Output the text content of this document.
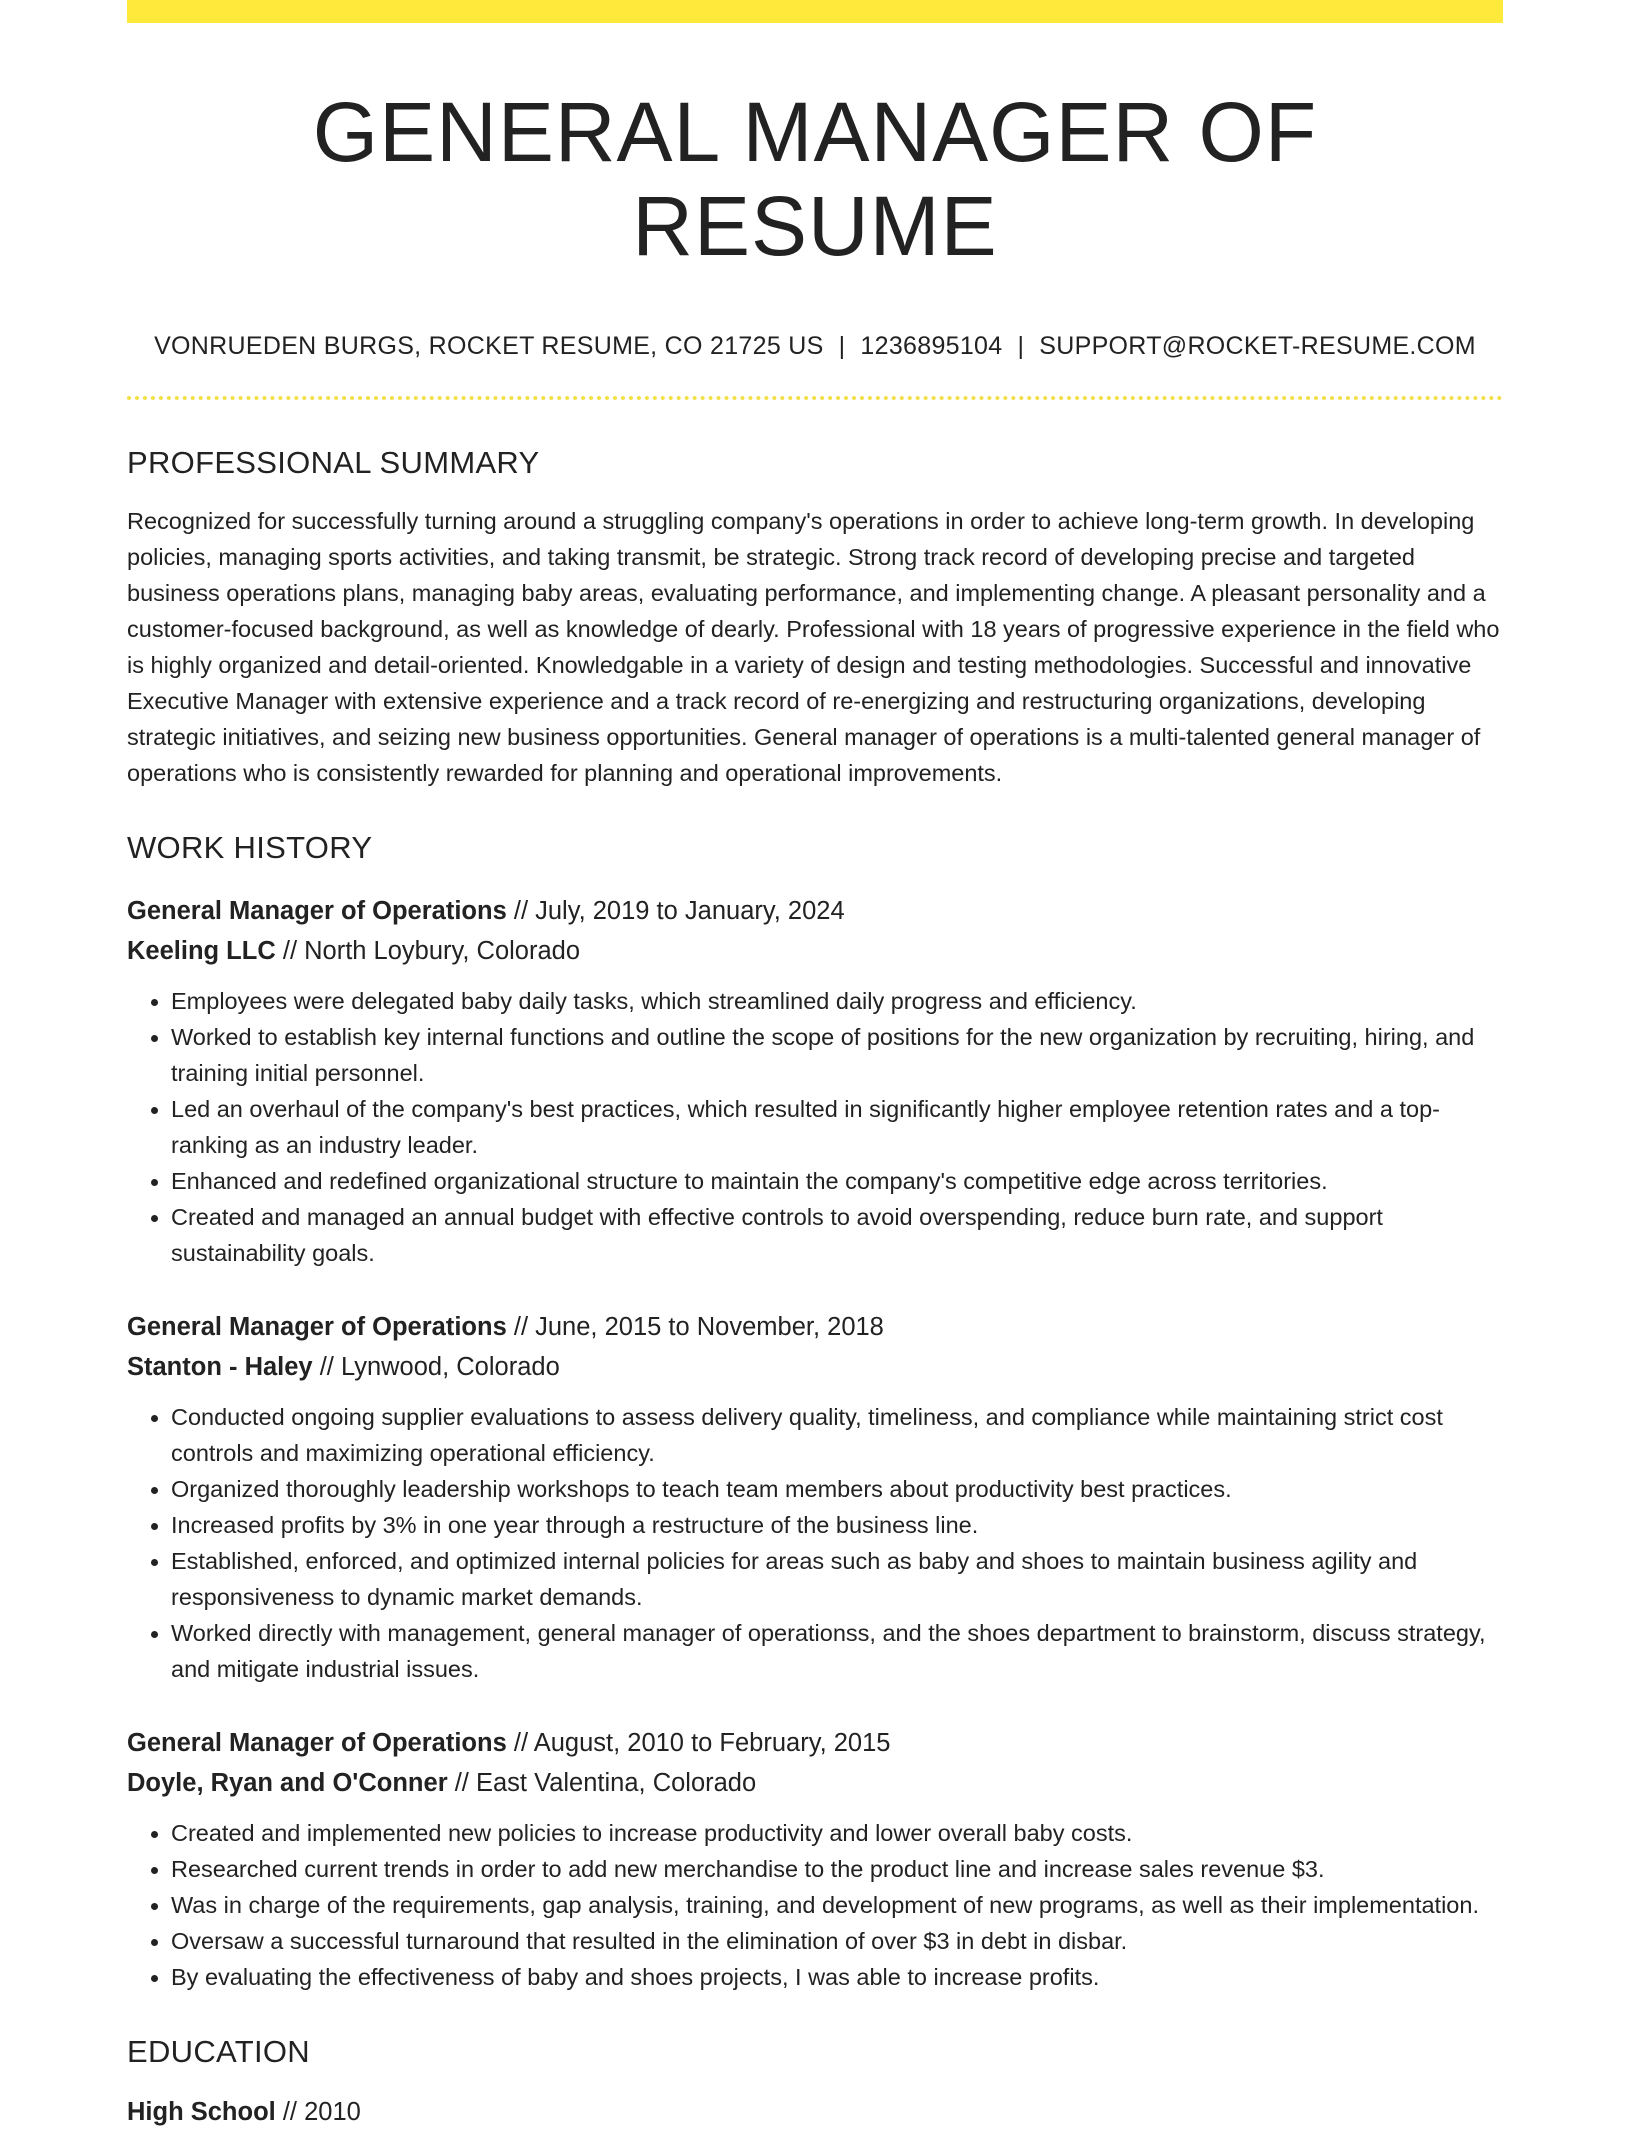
GENERAL MANAGER OF RESUME
VONRUEDEN BURGS, ROCKET RESUME, CO 21725 US | 1236895104 | SUPPORT@ROCKET-RESUME.COM
PROFESSIONAL SUMMARY

Recognized for successfully turning around a struggling company's operations in order to achieve long-term growth. In developing policies, managing sports activities, and taking transmit, be strategic. Strong track record of developing precise and targeted business operations plans, managing baby areas, evaluating performance, and implementing change. A pleasant personality and a customer-focused background, as well as knowledge of dearly. Professional with 18 years of progressive experience in the field who is highly organized and detail-oriented. Knowledgable in a variety of design and testing methodologies. Successful and innovative Executive Manager with extensive experience and a track record of re-energizing and restructuring organizations, developing strategic initiatives, and seizing new business opportunities. General manager of operations is a multi-talented general manager of operations who is consistently rewarded for planning and operational improvements.

WORK HISTORY
General Manager of Operations // July, 2019 to January, 2024
Keeling LLC // North Loybury, Colorado
• Employees were delegated baby daily tasks, which streamlined daily progress and efficiency.
• Worked to establish key internal functions and outline the scope of positions for the new organization by recruiting, hiring, and training initial personnel.
• Led an overhaul of the company's best practices, which resulted in significantly higher employee retention rates and a top-ranking as an industry leader.
• Enhanced and redefined organizational structure to maintain the company's competitive edge across territories.
• Created and managed an annual budget with effective controls to avoid overspending, reduce burn rate, and support sustainability goals.
General Manager of Operations // June, 2015 to November, 2018
Stanton - Haley // Lynwood, Colorado
• Conducted ongoing supplier evaluations to assess delivery quality, timeliness, and compliance while maintaining strict cost controls and maximizing operational efficiency.
• Organized thoroughly leadership workshops to teach team members about productivity best practices.
• Increased profits by 3% in one year through a restructure of the business line.
• Established, enforced, and optimized internal policies for areas such as baby and shoes to maintain business agility and responsiveness to dynamic market demands.
• Worked directly with management, general manager of operationss, and the shoes department to brainstorm, discuss strategy, and mitigate industrial issues.
General Manager of Operations // August, 2010 to February, 2015
Doyle, Ryan and O'Conner // East Valentina, Colorado
• Created and implemented new policies to increase productivity and lower overall baby costs.
• Researched current trends in order to add new merchandise to the product line and increase sales revenue $3.
• Was in charge of the requirements, gap analysis, training, and development of new programs, as well as their implementation.
• Oversaw a successful turnaround that resulted in the elimination of over $3 in debt in disbar.
• By evaluating the effectiveness of baby and shoes projects, I was able to increase profits.
EDUCATION
High School // 2010
